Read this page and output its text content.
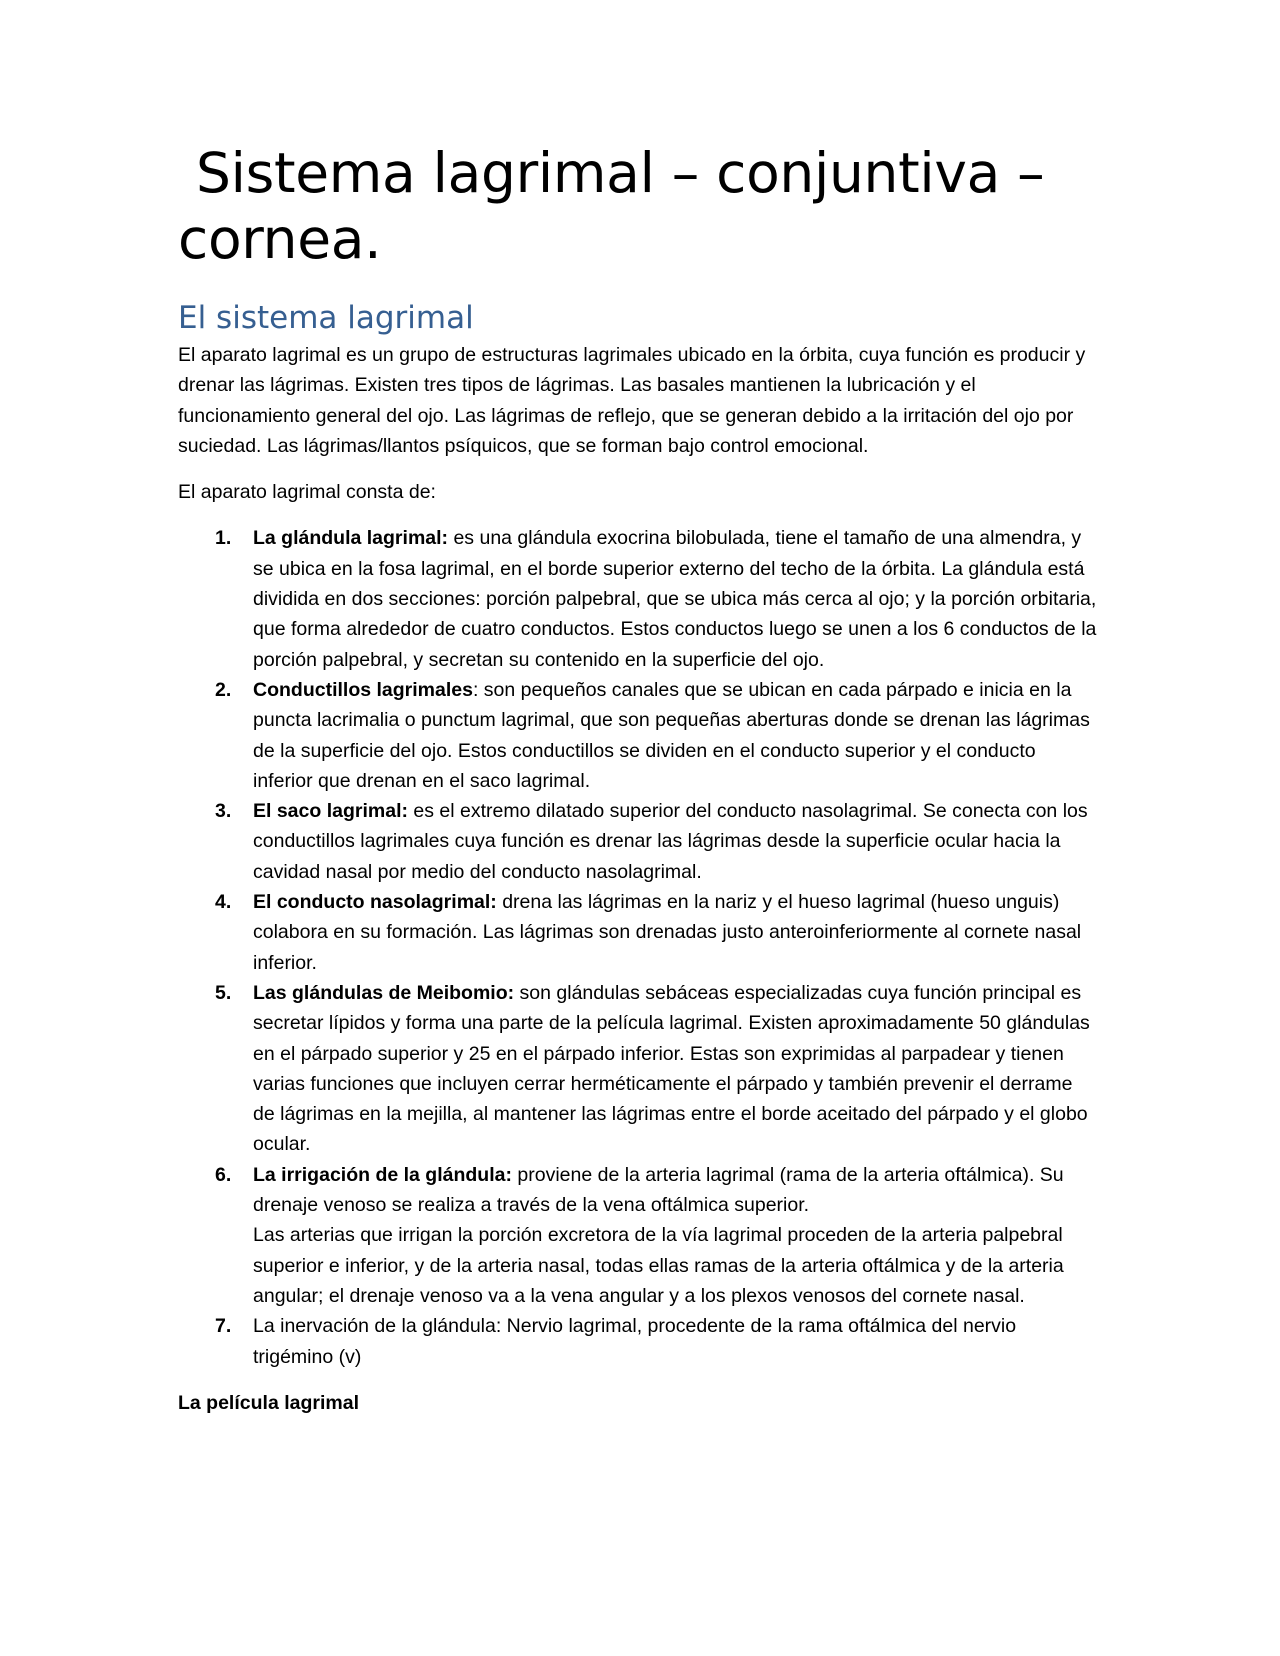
Sistema lagrimal – conjuntiva –
cornea.
El sistema lagrimal

El aparato lagrimal es un grupo de estructuras lagrimales ubicado en la órbita, cuya función es producir y drenar las lágrimas. Existen tres tipos de lágrimas. Las basales mantienen la lubricación y el funcionamiento general del ojo. Las lágrimas de reflejo, que se generan debido a la irritación del ojo por suciedad. Las lágrimas/llantos psíquicos, que se forman bajo control emocional.

El aparato lagrimal consta de:

1. La glándula lagrimal: es una glándula exocrina bilobulada, tiene el tamaño de una almendra, y se ubica en la fosa lagrimal, en el borde superior externo del techo de la órbita. La glándula está dividida en dos secciones: porción palpebral, que se ubica más cerca al ojo; y la porción orbitaria, que forma alrededor de cuatro conductos. Estos conductos luego se unen a los 6 conductos de la porción palpebral, y secretan su contenido en la superficie del ojo.
2. Conductillos lagrimales: son pequeños canales que se ubican en cada párpado e inicia en la puncta lacrimalia o punctum lagrimal, que son pequeñas aberturas donde se drenan las lágrimas de la superficie del ojo. Estos conductillos se dividen en el conducto superior y el conducto inferior que drenan en el saco lagrimal.
3. El saco lagrimal: es el extremo dilatado superior del conducto nasolagrimal. Se conecta con los conductillos lagrimales cuya función es drenar las lágrimas desde la superficie ocular hacia la cavidad nasal por medio del conducto nasolagrimal.
4. El conducto nasolagrimal: drena las lágrimas en la nariz y el hueso lagrimal (hueso unguis) colabora en su formación. Las lágrimas son drenadas justo anteroinferiormente al cornete nasal inferior.
5. Las glándulas de Meibomio: son glándulas sebáceas especializadas cuya función principal es secretar lípidos y forma una parte de la película lagrimal. Existen aproximadamente 50 glándulas en el párpado superior y 25 en el párpado inferior. Estas son exprimidas al parpadear y tienen varias funciones que incluyen cerrar herméticamente el párpado y también prevenir el derrame de lágrimas en la mejilla, al mantener las lágrimas entre el borde aceitado del párpado y el globo ocular.
6. La irrigación de la glándula: proviene de la arteria lagrimal (rama de la arteria oftálmica). Su drenaje venoso se realiza a través de la vena oftálmica superior.
Las arterias que irrigan la porción excretora de la vía lagrimal proceden de la arteria palpebral superior e inferior, y de la arteria nasal, todas ellas ramas de la arteria oftálmica y de la arteria angular; el drenaje venoso va a la vena angular y a los plexos venosos del cornete nasal.
7. La inervación de la glándula: Nervio lagrimal, procedente de la rama oftálmica del nervio trigémino (v)

La película lagrimal
